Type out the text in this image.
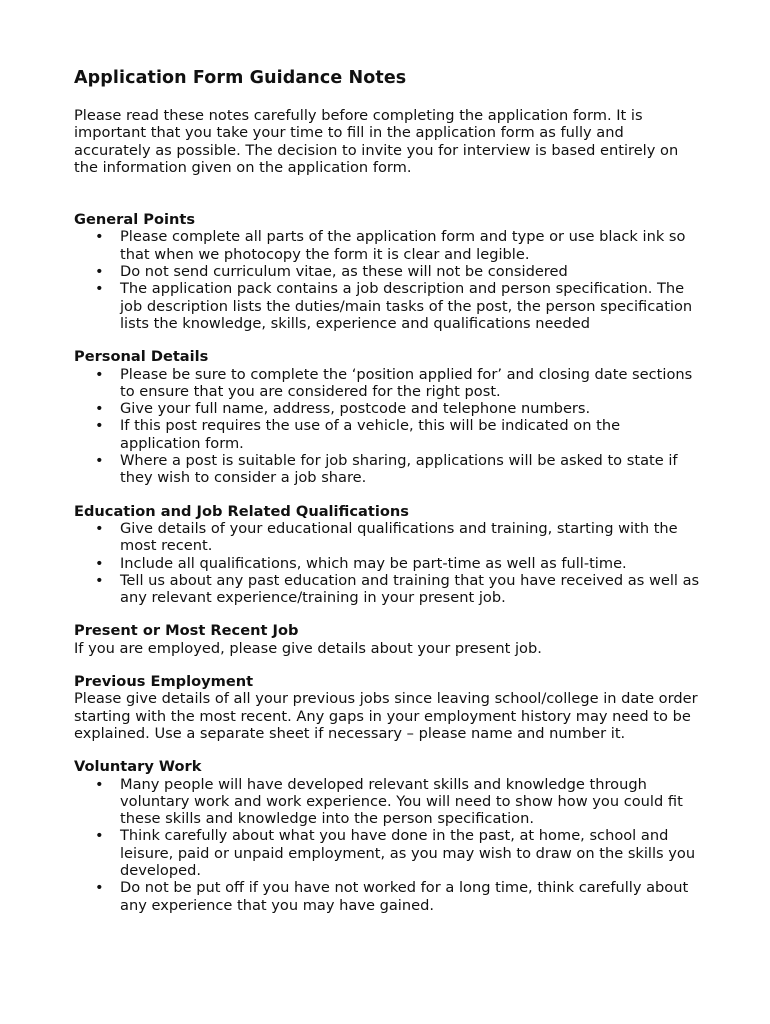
Application Form Guidance Notes

Please read these notes carefully before completing the application form. It is important that you take your time to fill in the application form as fully and accurately as possible. The decision to invite you for interview is based entirely on the information given on the application form.

General Points

• Please complete all parts of the application form and type or use black ink so that when we photocopy the form it is clear and legible.
• Do not send curriculum vitae, as these will not be considered
• The application pack contains a job description and person specification. The job description lists the duties/main tasks of the post, the person specification lists the knowledge, skills, experience and qualifications needed

Personal Details

• Please be sure to complete the ‘position applied for’ and closing date sections to ensure that you are considered for the right post.
• Give your full name, address, postcode and telephone numbers.
• If this post requires the use of a vehicle, this will be indicated on the application form.
• Where a post is suitable for job sharing, applications will be asked to state if they wish to consider a job share.

Education and Job Related Qualifications

• Give details of your educational qualifications and training, starting with the most recent.
• Include all qualifications, which may be part-time as well as full-time.
• Tell us about any past education and training that you have received as well as any relevant experience/training in your present job.

Present or Most Recent Job

If you are employed, please give details about your present job.

Previous Employment

Please give details of all your previous jobs since leaving school/college in date order starting with the most recent. Any gaps in your employment history may need to be explained. Use a separate sheet if necessary – please name and number it.

Voluntary Work

• Many people will have developed relevant skills and knowledge through voluntary work and work experience. You will need to show how you could fit these skills and knowledge into the person specification.
• Think carefully about what you have done in the past, at home, school and leisure, paid or unpaid employment, as you may wish to draw on the skills you developed.
• Do not be put off if you have not worked for a long time, think carefully about any experience that you may have gained.
